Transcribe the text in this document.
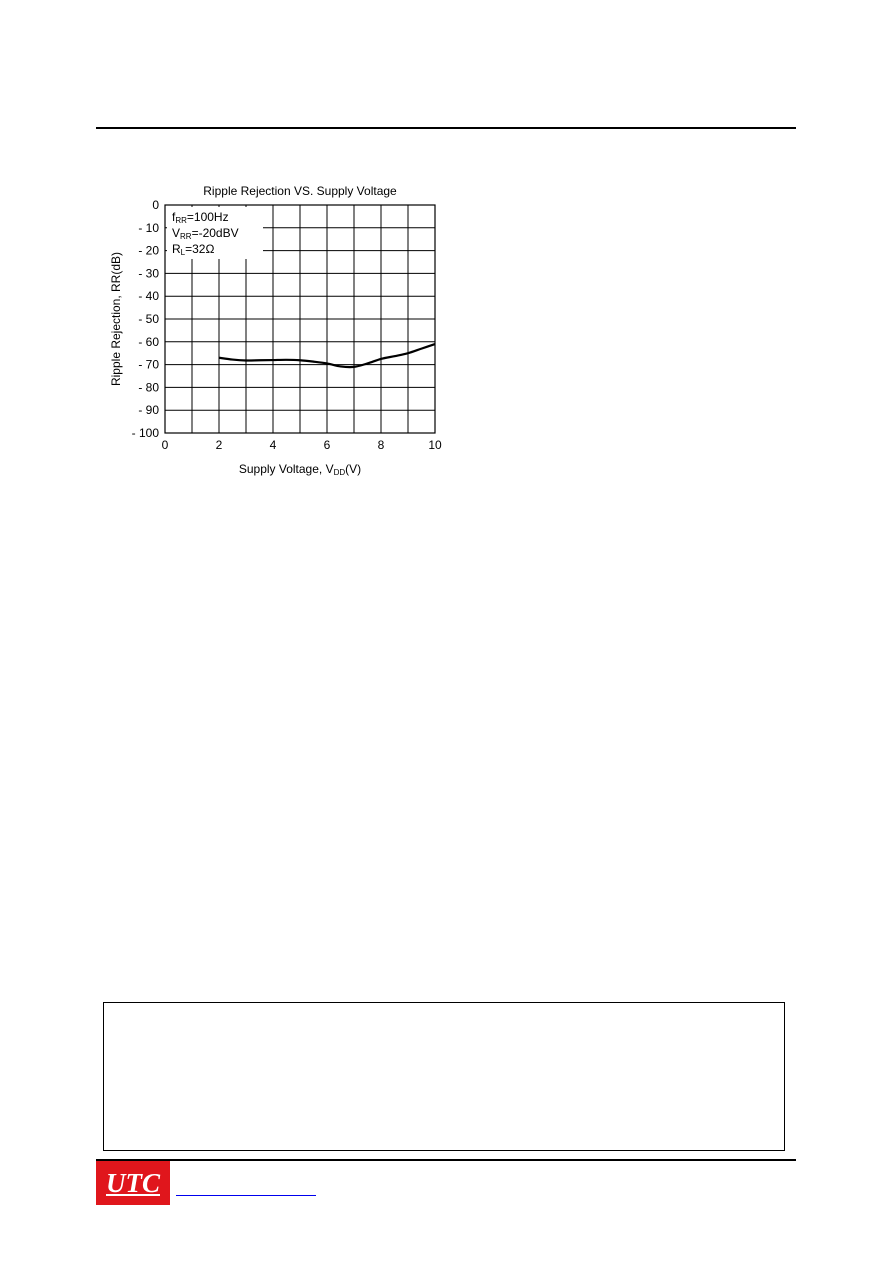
Ripple Rejection VS. Supply Voltage
0
- 10
- 20
- 30
- 40
- 50
- 60
- 70
- 80
- 90
- 100
0	2	4	6	8	10
Supply Voltage, VDD(V)
Ripple Rejection, RR(dB)
fRR=100Hz
VRR=-20dBV
RL=32Ω
UTC
